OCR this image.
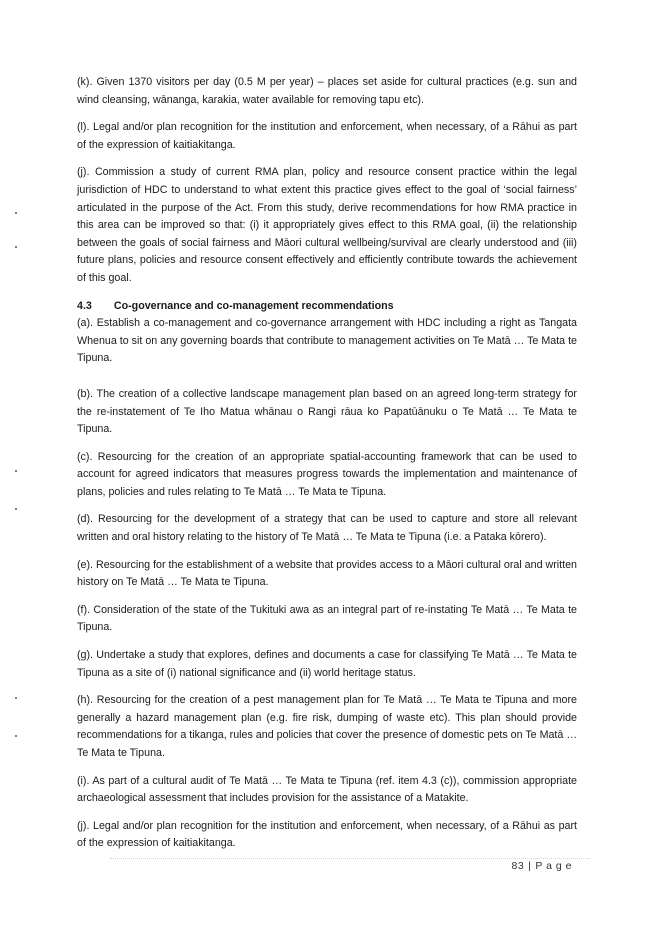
(k). Given 1370 visitors per day (0.5 M per year) – places set aside for cultural practices (e.g. sun and wind cleansing, wānanga, karakia, water available for removing tapu etc).

(l). Legal and/or plan recognition for the institution and enforcement, when necessary, of a Rāhui as part of the expression of kaitiakitanga.

(j). Commission a study of current RMA plan, policy and resource consent practice within the legal jurisdiction of HDC to understand to what extent this practice gives effect to the goal of ‘social fairness’ articulated in the purpose of the Act. From this study, derive recommendations for how RMA practice in this area can be improved so that: (i) it appropriately gives effect to this RMA goal, (ii) the relationship between the goals of social fairness and Māori cultural wellbeing/survival are clearly understood and (iii) future plans, policies and resource consent effectively and efficiently contribute towards the achievement of this goal.

4.3 Co-governance and co-management recommendations

(a). Establish a co-management and co-governance arrangement with HDC including a right as Tangata Whenua to sit on any governing boards that contribute to management activities on Te Matā … Te Mata te Tipuna.

(b). The creation of a collective landscape management plan based on an agreed long-term strategy for the re-instatement of Te Iho Matua whānau o Rangi rāua ko Papatūānuku o Te Matā … Te Mata te Tipuna.

(c). Resourcing for the creation of an appropriate spatial-accounting framework that can be used to account for agreed indicators that measures progress towards the implementation and maintenance of plans, policies and rules relating to Te Matā … Te Mata te Tipuna.

(d). Resourcing for the development of a strategy that can be used to capture and store all relevant written and oral history relating to the history of Te Matā … Te Mata te Tipuna (i.e. a Pataka kōrero).

(e). Resourcing for the establishment of a website that provides access to a Māori cultural oral and written history on Te Matā … Te Mata te Tipuna.

(f). Consideration of the state of the Tukituki awa as an integral part of re-instating Te Matā … Te Mata te Tipuna.

(g). Undertake a study that explores, defines and documents a case for classifying Te Matā … Te Mata te Tipuna as a site of (i) national significance and (ii) world heritage status.

(h). Resourcing for the creation of a pest management plan for Te Matā … Te Mata te Tipuna and more generally a hazard management plan (e.g. fire risk, dumping of waste etc). This plan should provide recommendations for a tikanga, rules and policies that cover the presence of domestic pets on Te Matā … Te Mata te Tipuna.

(i). As part of a cultural audit of Te Matā … Te Mata te Tipuna (ref. item 4.3 (c)), commission appropriate archaeological assessment that includes provision for the assistance of a Matakite.

(j). Legal and/or plan recognition for the institution and enforcement, when necessary, of a Rāhui as part of the expression of kaitiakitanga.

83 | P a g e
